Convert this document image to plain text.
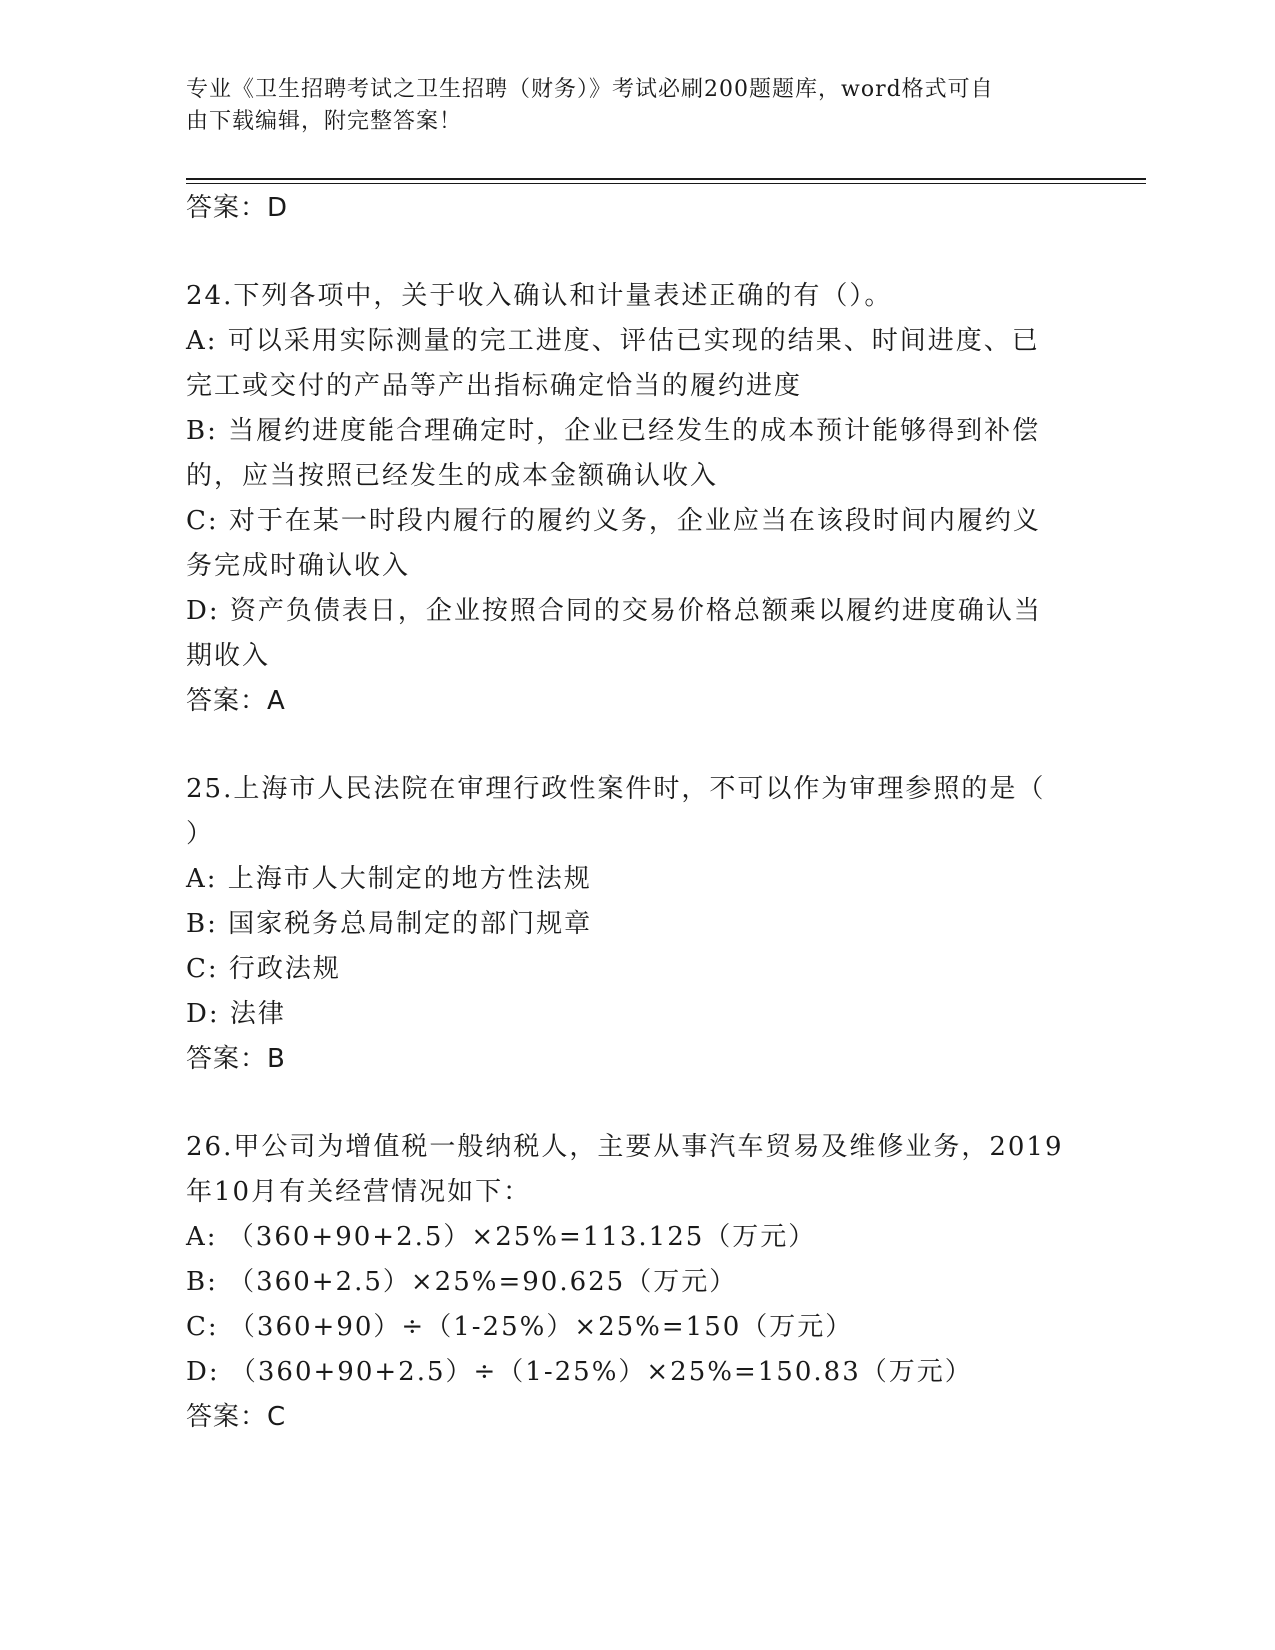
专业《卫生招聘考试之卫生招聘（财务）》考试必刷200题题库，word格式可自
由下载编辑，附完整答案！

答案：D

24.下列各项中，关于收入确认和计量表述正确的有（）。

A: 可以采用实际测量的完工进度、评估已实现的结果、时间进度、已

完工或交付的产品等产出指标确定恰当的履约进度

B: 当履约进度能合理确定时，企业已经发生的成本预计能够得到补偿

的，应当按照已经发生的成本金额确认收入

C: 对于在某一时段内履行的履约义务，企业应当在该段时间内履约义

务完成时确认收入

D: 资产负债表日，企业按照合同的交易价格总额乘以履约进度确认当

期收入

答案：A

25.上海市人民法院在审理行政性案件时，不可以作为审理参照的是（

）

A: 上海市人大制定的地方性法规

B: 国家税务总局制定的部门规章

C: 行政法规

D: 法律

答案：B

26.甲公司为增值税一般纳税人，主要从事汽车贸易及维修业务，2019

年10月有关经营情况如下：

A: （360+90+2.5）×25%=113.125（万元）

B: （360+2.5）×25%=90.625（万元）

C: （360+90）÷（1-25%）×25%=150（万元）

D: （360+90+2.5）÷（1-25%）×25%=150.83（万元）

答案：C
